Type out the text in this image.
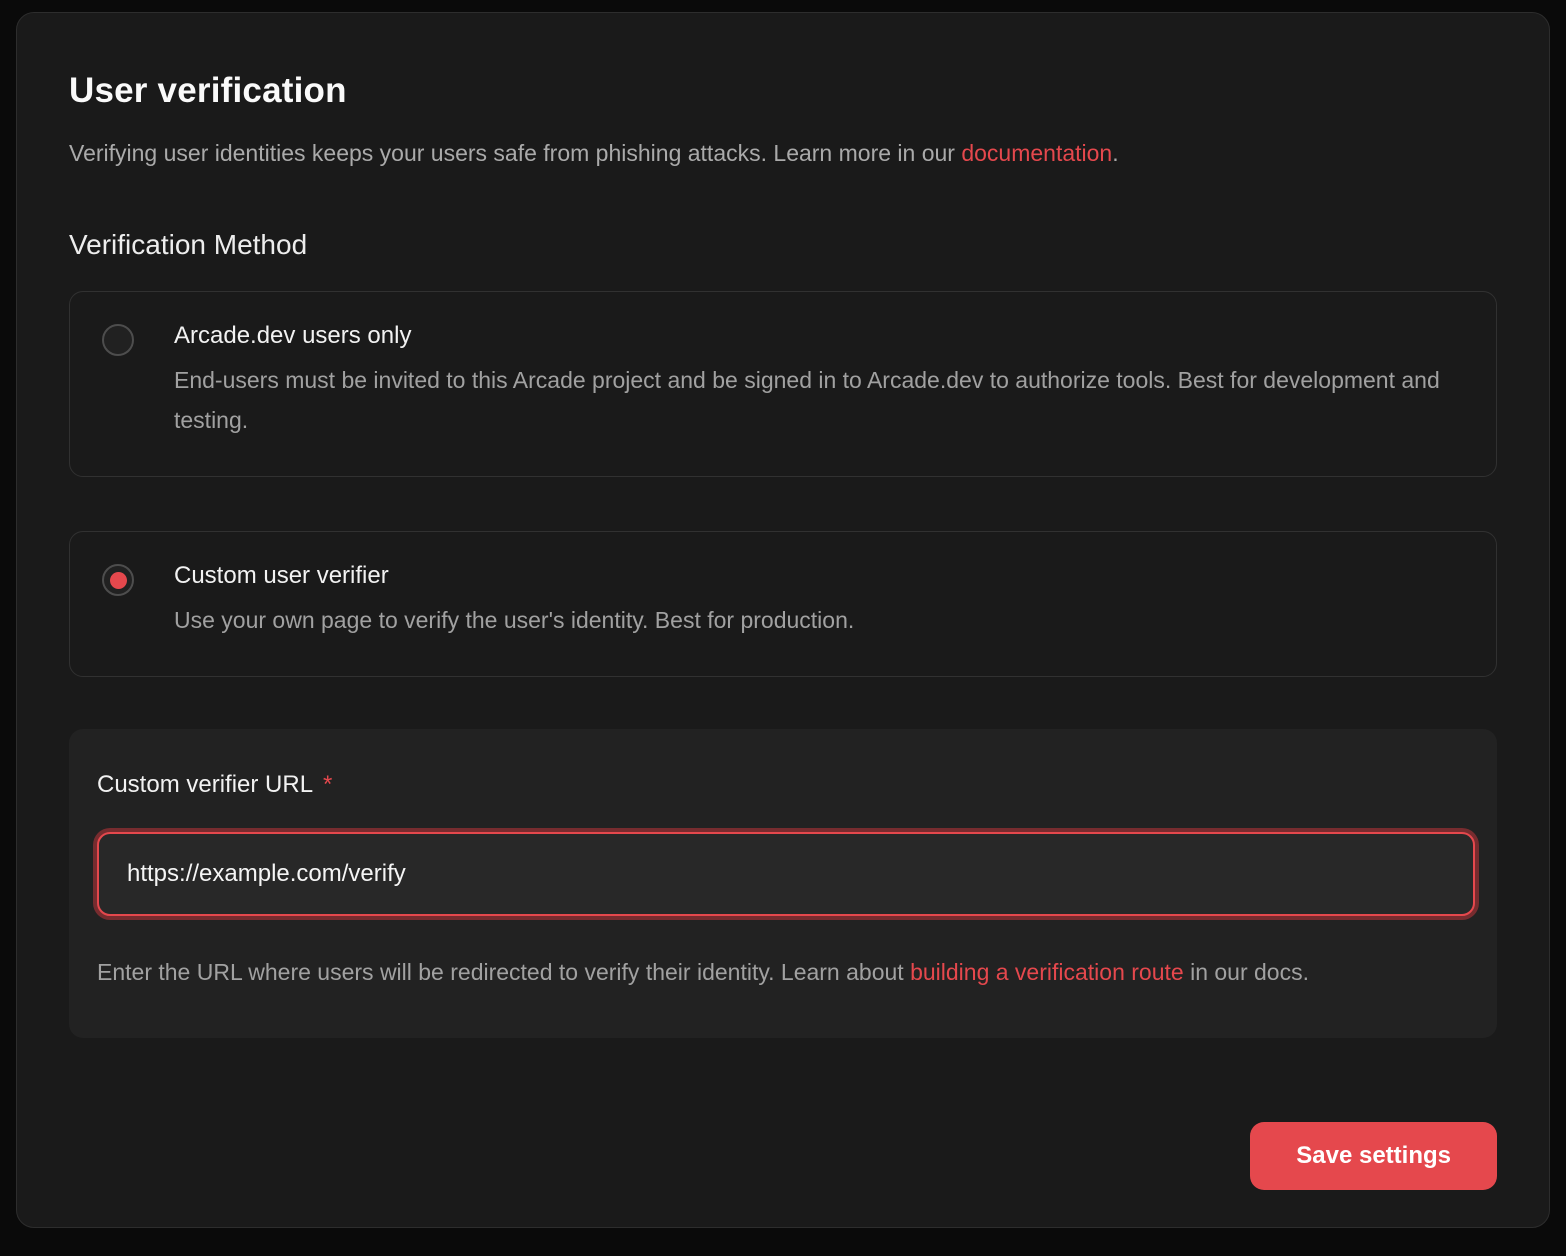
User verification

Verifying user identities keeps your users safe from phishing attacks. Learn more in our documentation.

Verification Method
Arcade.dev users only
End-users must be invited to this Arcade project and be signed in to Arcade.dev to authorize tools. Best for development and testing.
Custom user verifier
Use your own page to verify the user's identity. Best for production.
Custom verifier URL *
https://example.com/verify

Enter the URL where users will be redirected to verify their identity. Learn about building a verification route in our docs.

Save settings
